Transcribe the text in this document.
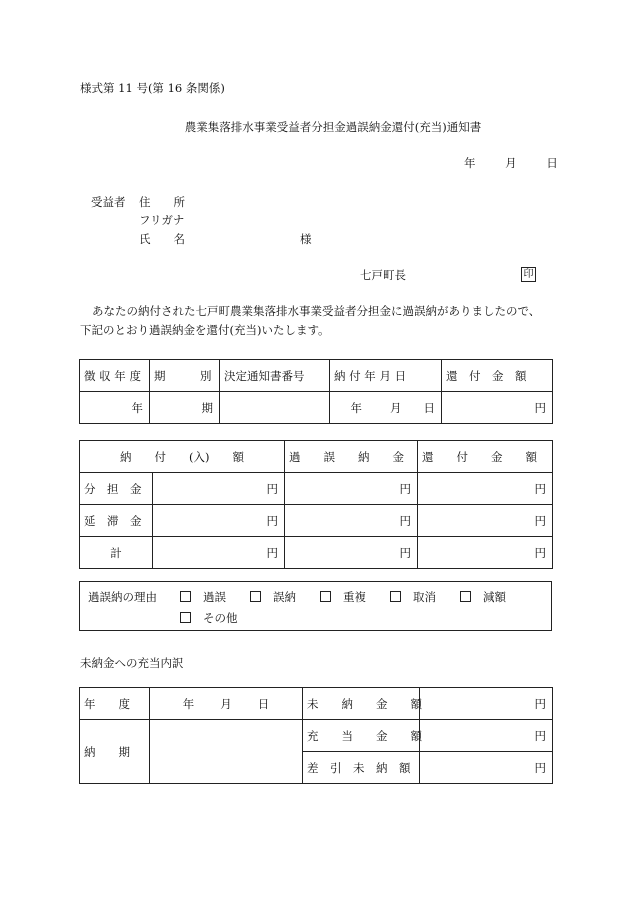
様式第 11 号(第 16 条関係)
農業集落排水事業受益者分担金過誤納金還付(充当)通知書
年	月	日
受益者 住　　所
フリガナ
氏　　名	様
七戸町長	印
あなたの納付された七戸町農業集落排水事業受益者分担金に過誤納がありましたので、
下記のとおり過誤納金を還付(充当)いたします。
徴 収 年 度	期　　　別	決定通知書番号	納 付 年 月 日	還　付　金　額
年	期		年 月 日	円
納　　付　　(入)　　額		過　　誤　　納　　金	還　　付　　金　　額
分　担　金	円	円	円
延　滞　金	円	円	円
計	円	円	円
過誤納の理由	過誤	誤納	重複	取消	減額
その他
未納金への充当内訳
年　　度	年 月 日	未　　納　　金　　額	円
納　　期		充　　当　　金　　額	円
		差　引　未　納　額	円
